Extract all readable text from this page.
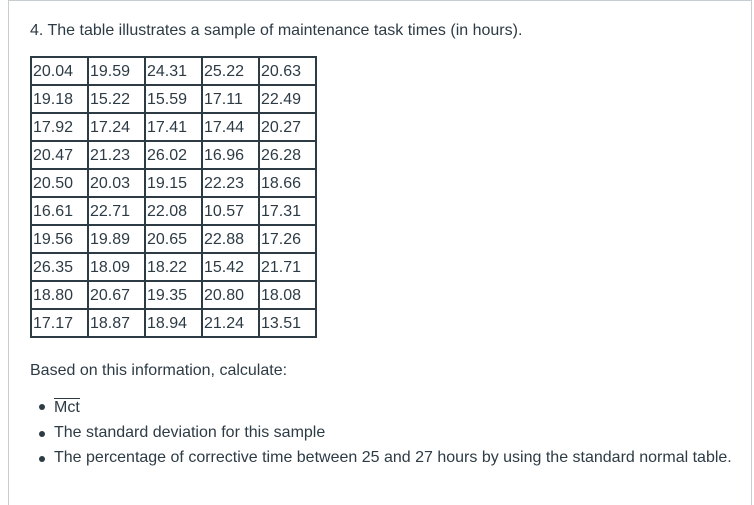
4. The table illustrates a sample of maintenance task times (in hours).
20.04	19.59	24.31	25.22	20.63
19.18	15.22	15.59	17.11	22.49
17.92	17.24	17.41	17.44	20.27
20.47	21.23	26.02	16.96	26.28
20.50	20.03	19.15	22.23	18.66
16.61	22.71	22.08	10.57	17.31
19.56	19.89	20.65	22.88	17.26
26.35	18.09	18.22	15.42	21.71
18.80	20.67	19.35	20.80	18.08
17.17	18.87	18.94	21.24	13.51
Based on this information, calculate:
Mct
The standard deviation for this sample
The percentage of corrective time between 25 and 27 hours by using the standard normal table.
